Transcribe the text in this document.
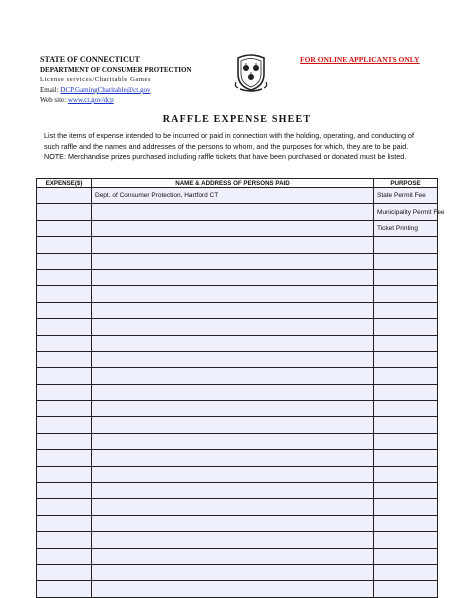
STATE OF CONNECTICUT
DEPARTMENT OF CONSUMER PROTECTION
License services/Charitable Games
Email: DCP.GamingCharitable@ct.gov
Web site: www.ct.gov/dcp
FOR ONLINE APPLICANTS ONLY
RAFFLE EXPENSE SHEET
List the items of expense intended to be incurred or paid in connection with the holding, operating, and conducting of such raffle and the names and addresses of the persons to whom, and the purposes for which, they are to be paid. NOTE: Merchandise prizes purchased including raffle tickets that have been purchased or donated must be listed.
EXPENSE($)	NAME & ADDRESS OF PERSONS PAID	PURPOSE
	Dept. of Consumer Protection, Hartford CT	State Permit Fee
		Municipality Permit Fee
		Ticket Printing
